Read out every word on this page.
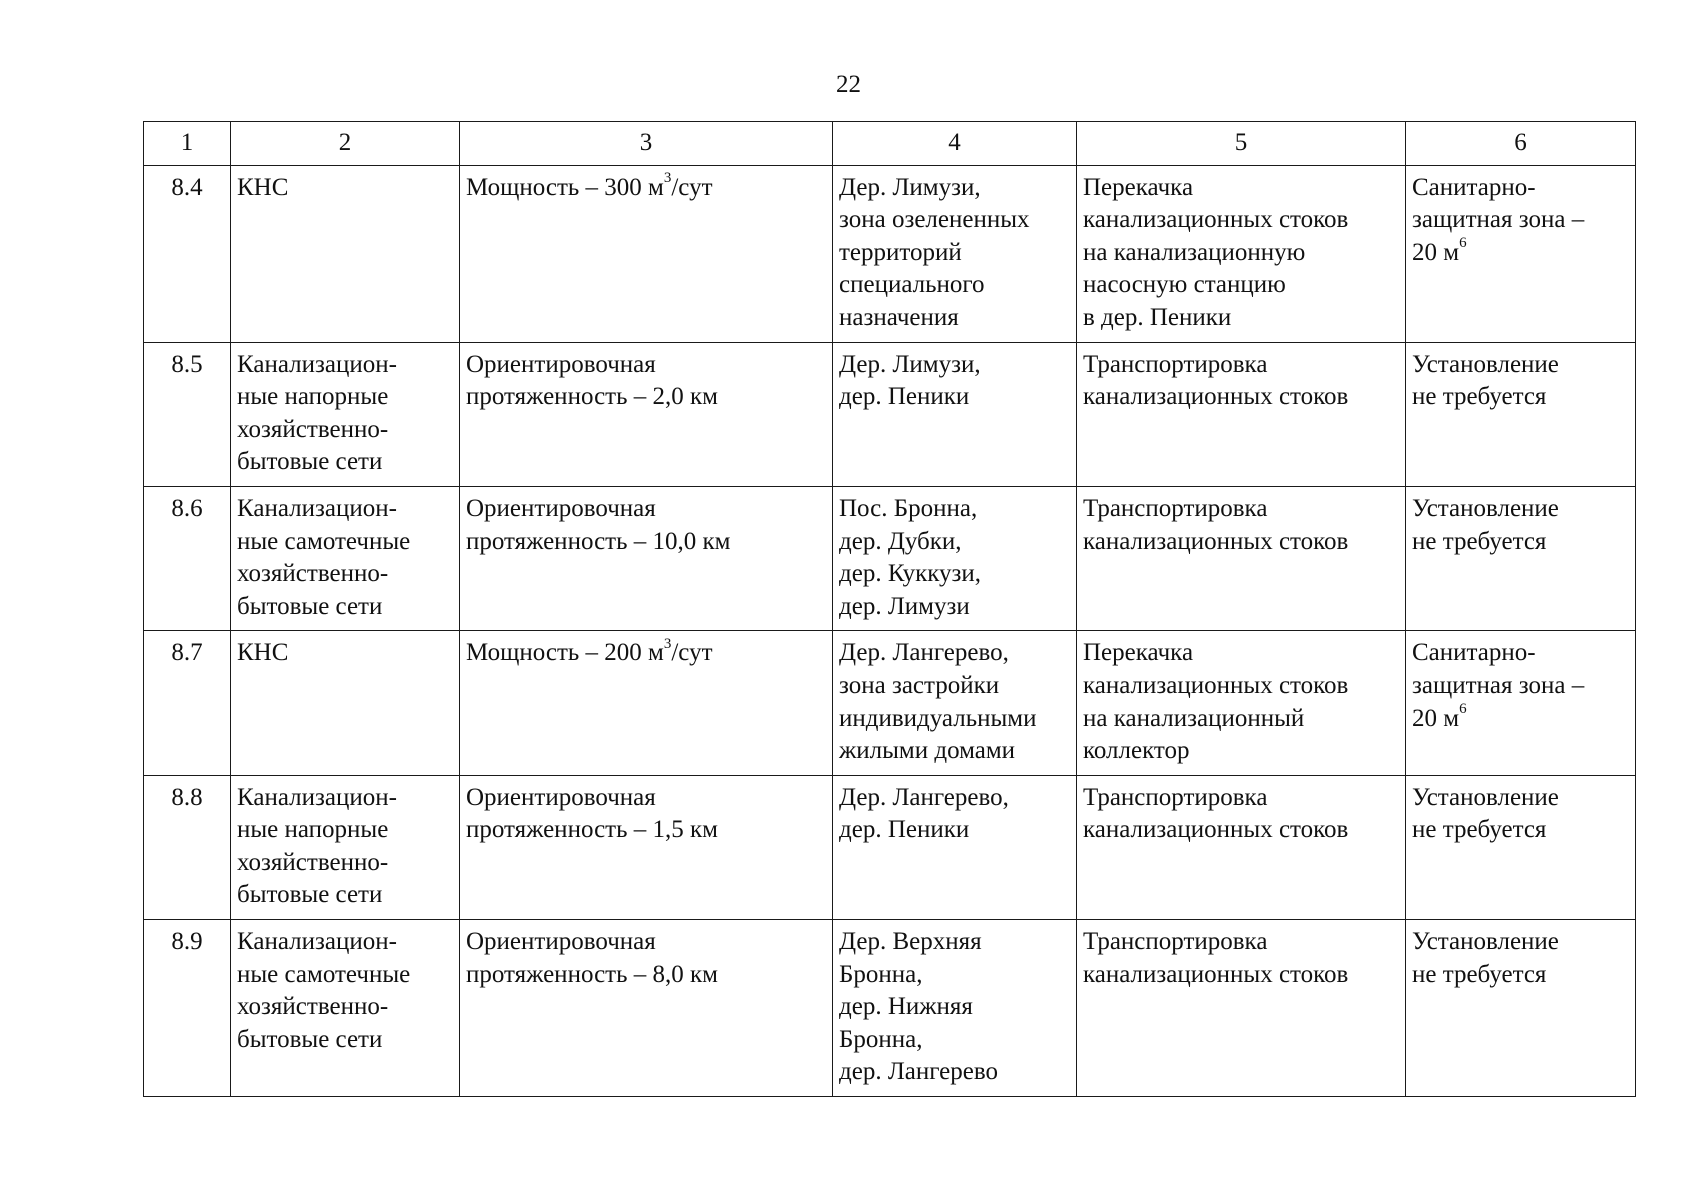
22
1	2	3	4	5	6
8.4	КНС	Мощность – 300 $м^3$/сут	Дер. Лимузи,
зона озелененных
территорий
специального
назначения	Перекачка
канализационных стоков
на канализационную
насосную станцию
в дер. Пеники	Санитарно-
защитная зона –
20 $м^6$

8.5	Канализацион-
ные напорные
хозяйственно-
бытовые сети	Ориентировочная
протяженность – 2,0 км	Дер. Лимузи,
дер. Пеники	Транспортировка
канализационных стоков	Установление
не требуется

8.6	Канализацион-
ные самотечные
хозяйственно-
бытовые сети	Ориентировочная
протяженность – 10,0 км	Пос. Бронна,
дер. Дубки,
дер. Куккузи,
дер. Лимузи	Транспортировка
канализационных стоков	Установление
не требуется

8.7	КНС	Мощность – 200 $м^3$/сут	Дер. Лангерево,
зона застройки
индивидуальными
жилыми домами	Перекачка
канализационных стоков
на канализационный
коллектор	Санитарно-
защитная зона –
20 $м^6$

8.8	Канализацион-
ные напорные
хозяйственно-
бытовые сети	Ориентировочная
протяженность – 1,5 км	Дер. Лангерево,
дер. Пеники	Транспортировка
канализационных стоков	Установление
не требуется

8.9	Канализацион-
ные самотечные
хозяйственно-
бытовые сети	Ориентировочная
протяженность – 8,0 км	Дер. Верхняя
Бронна,
дер. Нижняя
Бронна,
дер. Лангерево	Транспортировка
канализационных стоков	Установление
не требуется
